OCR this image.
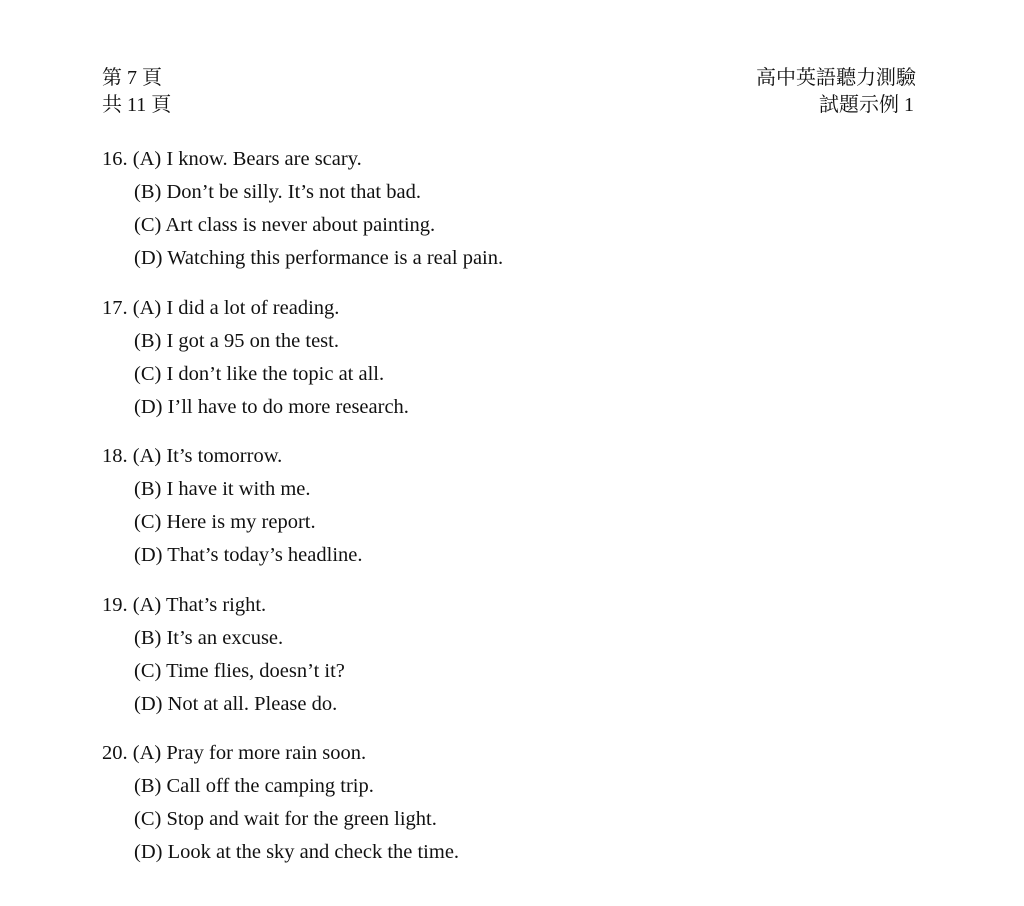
第 7 頁
共 11 頁
高中英語聽力測驗
試題示例 1
16. (A) I know. Bears are scary.
(B) Don’t be silly. It’s not that bad.
(C) Art class is never about painting.
(D) Watching this performance is a real pain.
17. (A) I did a lot of reading.
(B) I got a 95 on the test.
(C) I don’t like the topic at all.
(D) I’ll have to do more research.
18. (A) It’s tomorrow.
(B) I have it with me.
(C) Here is my report.
(D) That’s today’s headline.
19. (A) That’s right.
(B) It’s an excuse.
(C) Time flies, doesn’t it?
(D) Not at all. Please do.
20. (A) Pray for more rain soon.
(B) Call off the camping trip.
(C) Stop and wait for the green light.
(D) Look at the sky and check the time.
